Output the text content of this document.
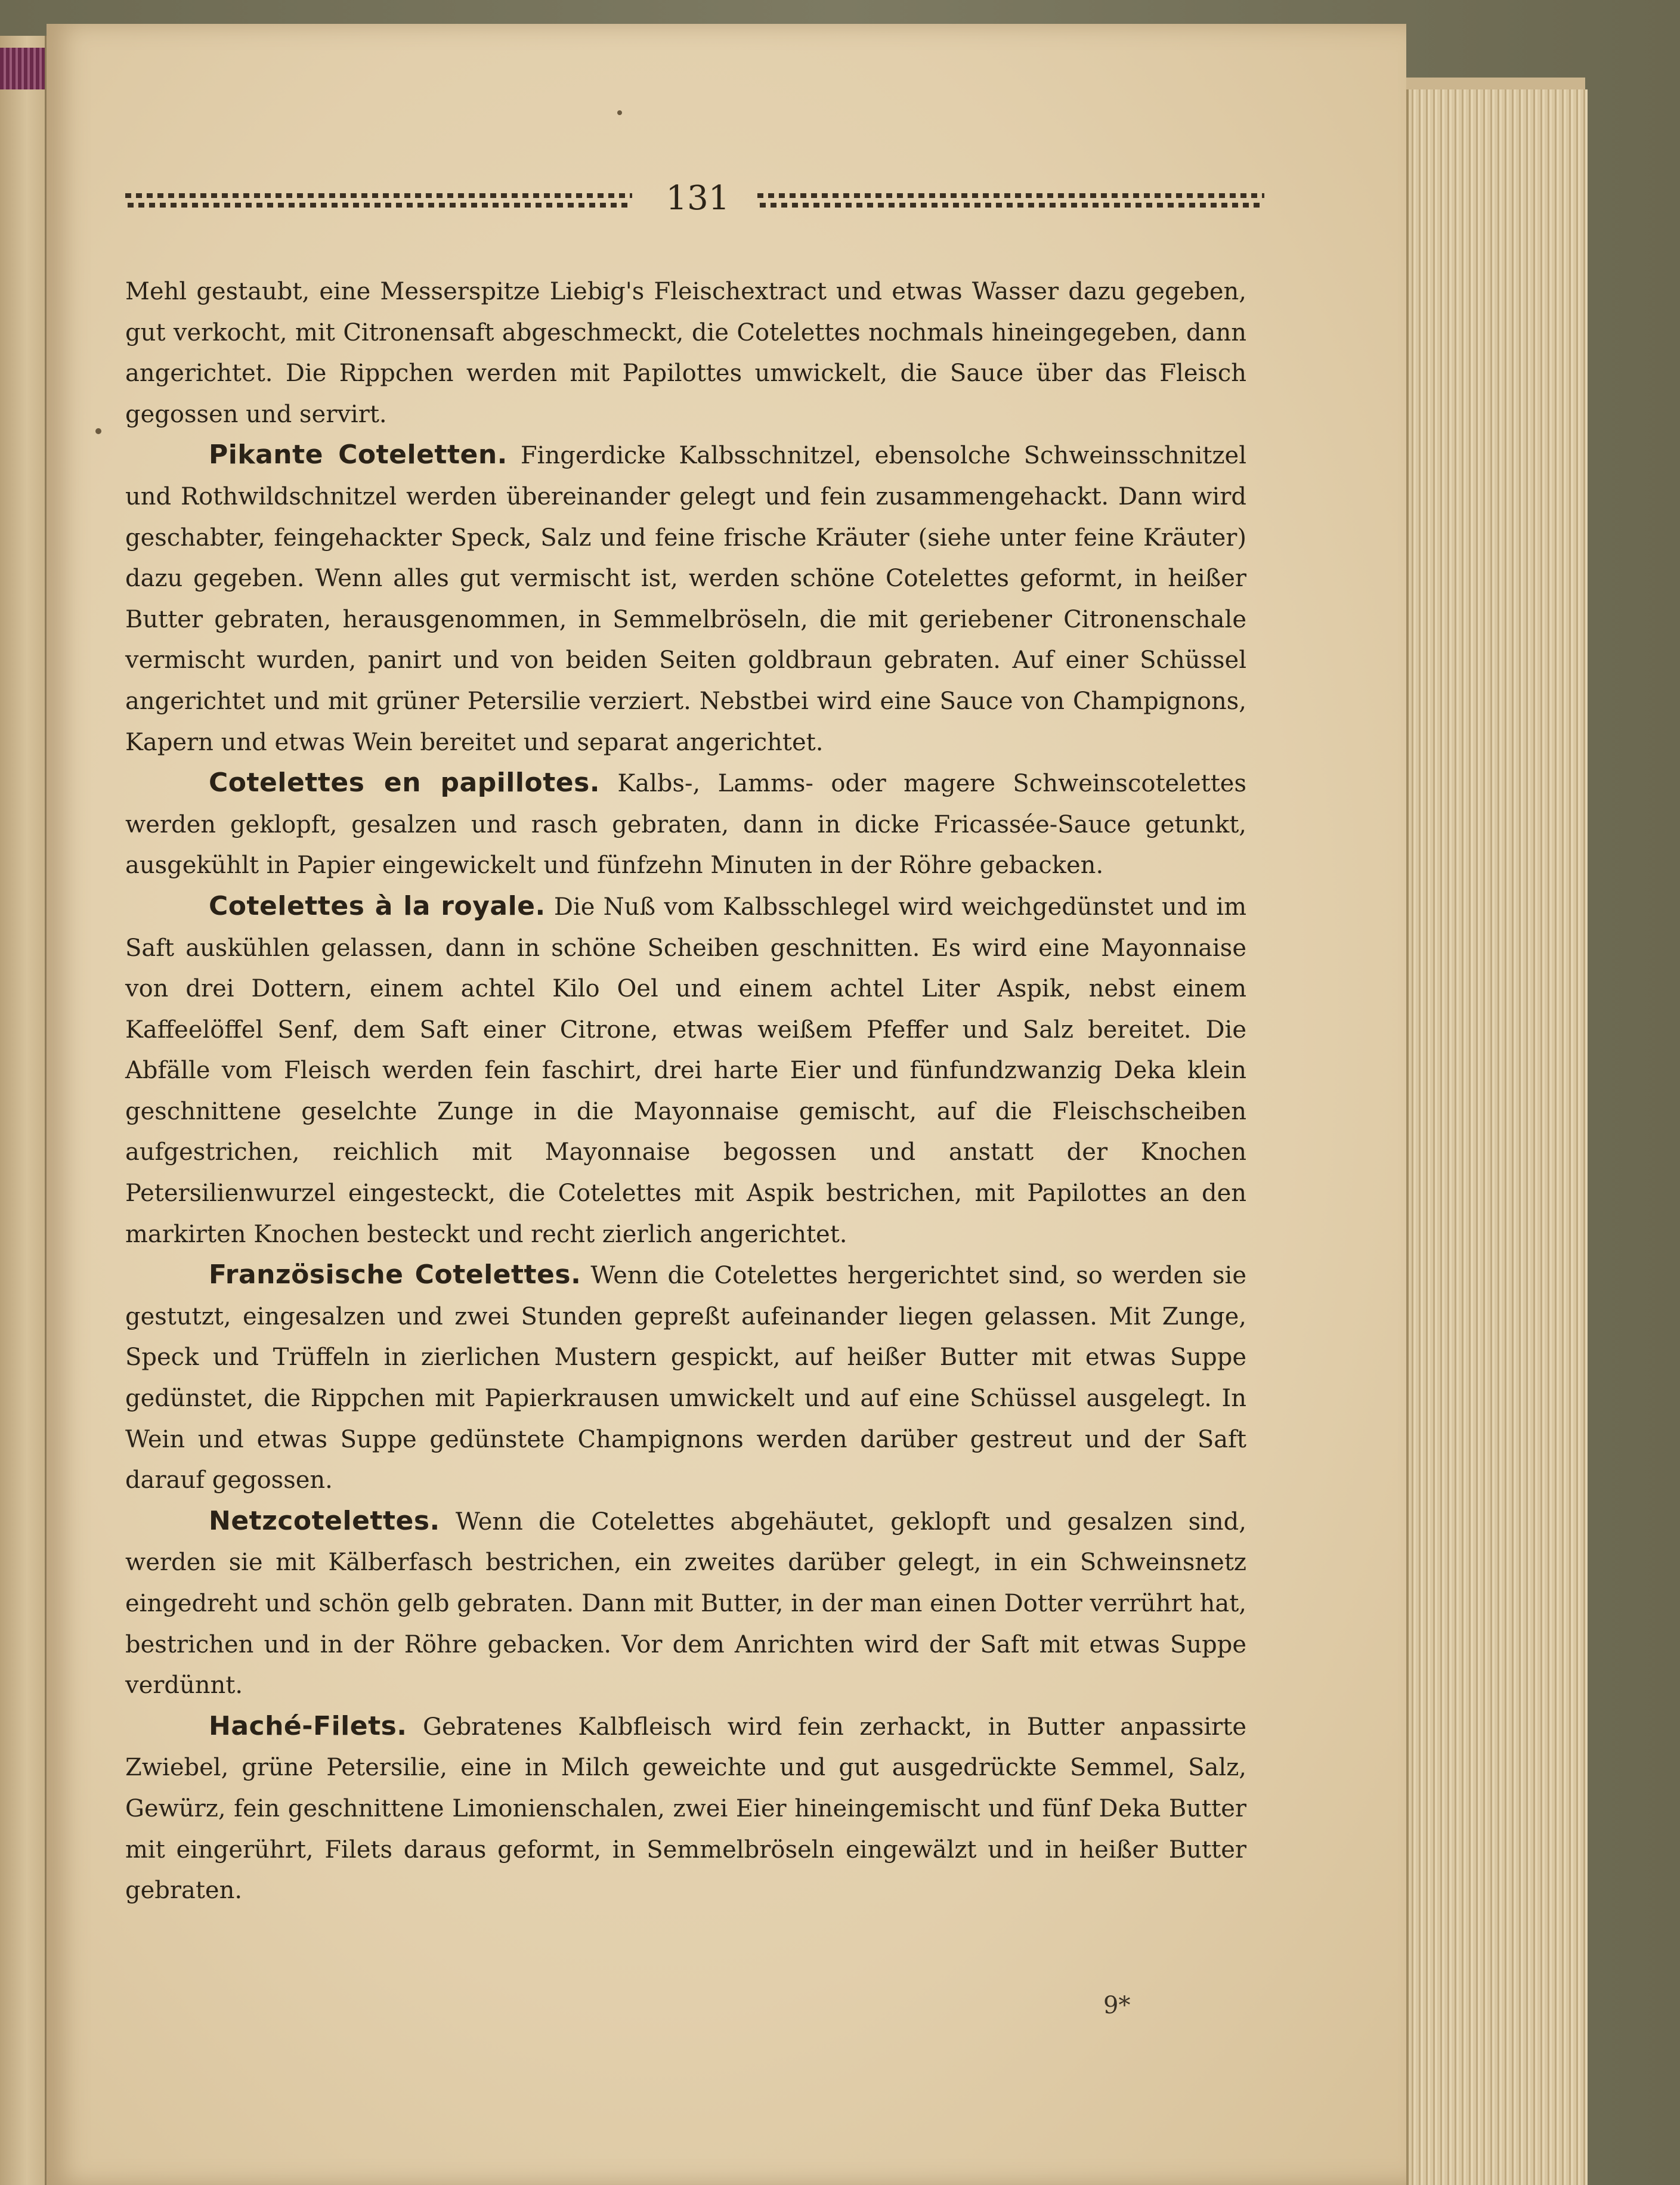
131

Mehl gestaubt, eine Messerspitze Liebig's Fleischextract und etwas Wasser dazu gegeben, gut verkocht, mit Citronensaft abgeschmeckt, die Cotelettes nochmals hineingegeben, dann angerichtet. Die Rippchen werden mit Papilottes umwickelt, die Sauce über das Fleisch gegossen und servirt.

Pikante Coteletten. Fingerdicke Kalbsschnitzel, ebensolche Schweinsschnitzel und Rothwildschnitzel werden übereinander gelegt und fein zusammengehackt. Dann wird geschabter, feingehackter Speck, Salz und feine frische Kräuter (siehe unter feine Kräuter) dazu gegeben. Wenn alles gut vermischt ist, werden schöne Cotelettes geformt, in heißer Butter gebraten, herausgenommen, in Semmelbröseln, die mit geriebener Citronenschale vermischt wurden, panirt und von beiden Seiten goldbraun gebraten. Auf einer Schüssel angerichtet und mit grüner Petersilie verziert. Nebstbei wird eine Sauce von Champignons, Kapern und etwas Wein bereitet und separat angerichtet.

Cotelettes en papillotes. Kalbs-, Lamms- oder magere Schweinscotelettes werden geklopft, gesalzen und rasch gebraten, dann in dicke Fricassée-Sauce getunkt, ausgekühlt in Papier eingewickelt und fünfzehn Minuten in der Röhre gebacken.

Cotelettes à la royale. Die Nuß vom Kalbsschlegel wird weichgedünstet und im Saft auskühlen gelassen, dann in schöne Scheiben geschnitten. Es wird eine Mayonnaise von drei Dottern, einem achtel Kilo Oel und einem achtel Liter Aspik, nebst einem Kaffeelöffel Senf, dem Saft einer Citrone, etwas weißem Pfeffer und Salz bereitet. Die Abfälle vom Fleisch werden fein faschirt, drei harte Eier und fünfundzwanzig Deka klein geschnittene geselchte Zunge in die Mayonnaise gemischt, auf die Fleischscheiben aufgestrichen, reichlich mit Mayonnaise begossen und anstatt der Knochen Petersilienwurzel eingesteckt, die Cotelettes mit Aspik bestrichen, mit Papilottes an den markirten Knochen besteckt und recht zierlich angerichtet.

Französische Cotelettes. Wenn die Cotelettes hergerichtet sind, so werden sie gestutzt, eingesalzen und zwei Stunden gepreßt aufeinander liegen gelassen. Mit Zunge, Speck und Trüffeln in zierlichen Mustern gespickt, auf heißer Butter mit etwas Suppe gedünstet, die Rippchen mit Papierkrausen umwickelt und auf eine Schüssel ausgelegt. In Wein und etwas Suppe gedünstete Champignons werden darüber gestreut und der Saft darauf gegossen.

Netzcotelettes. Wenn die Cotelettes abgehäutet, geklopft und gesalzen sind, werden sie mit Kälberfasch bestrichen, ein zweites darüber gelegt, in ein Schweinsnetz eingedreht und schön gelb gebraten. Dann mit Butter, in der man einen Dotter verrührt hat, bestrichen und in der Röhre gebacken. Vor dem Anrichten wird der Saft mit etwas Suppe verdünnt.

Haché-Filets. Gebratenes Kalbfleisch wird fein zerhackt, in Butter anpassirte Zwiebel, grüne Petersilie, eine in Milch geweichte und gut ausgedrückte Semmel, Salz, Gewürz, fein geschnittene Limonienschalen, zwei Eier hineingemischt und fünf Deka Butter mit eingerührt, Filets daraus geformt, in Semmelbröseln eingewälzt und in heißer Butter gebraten.

9*
